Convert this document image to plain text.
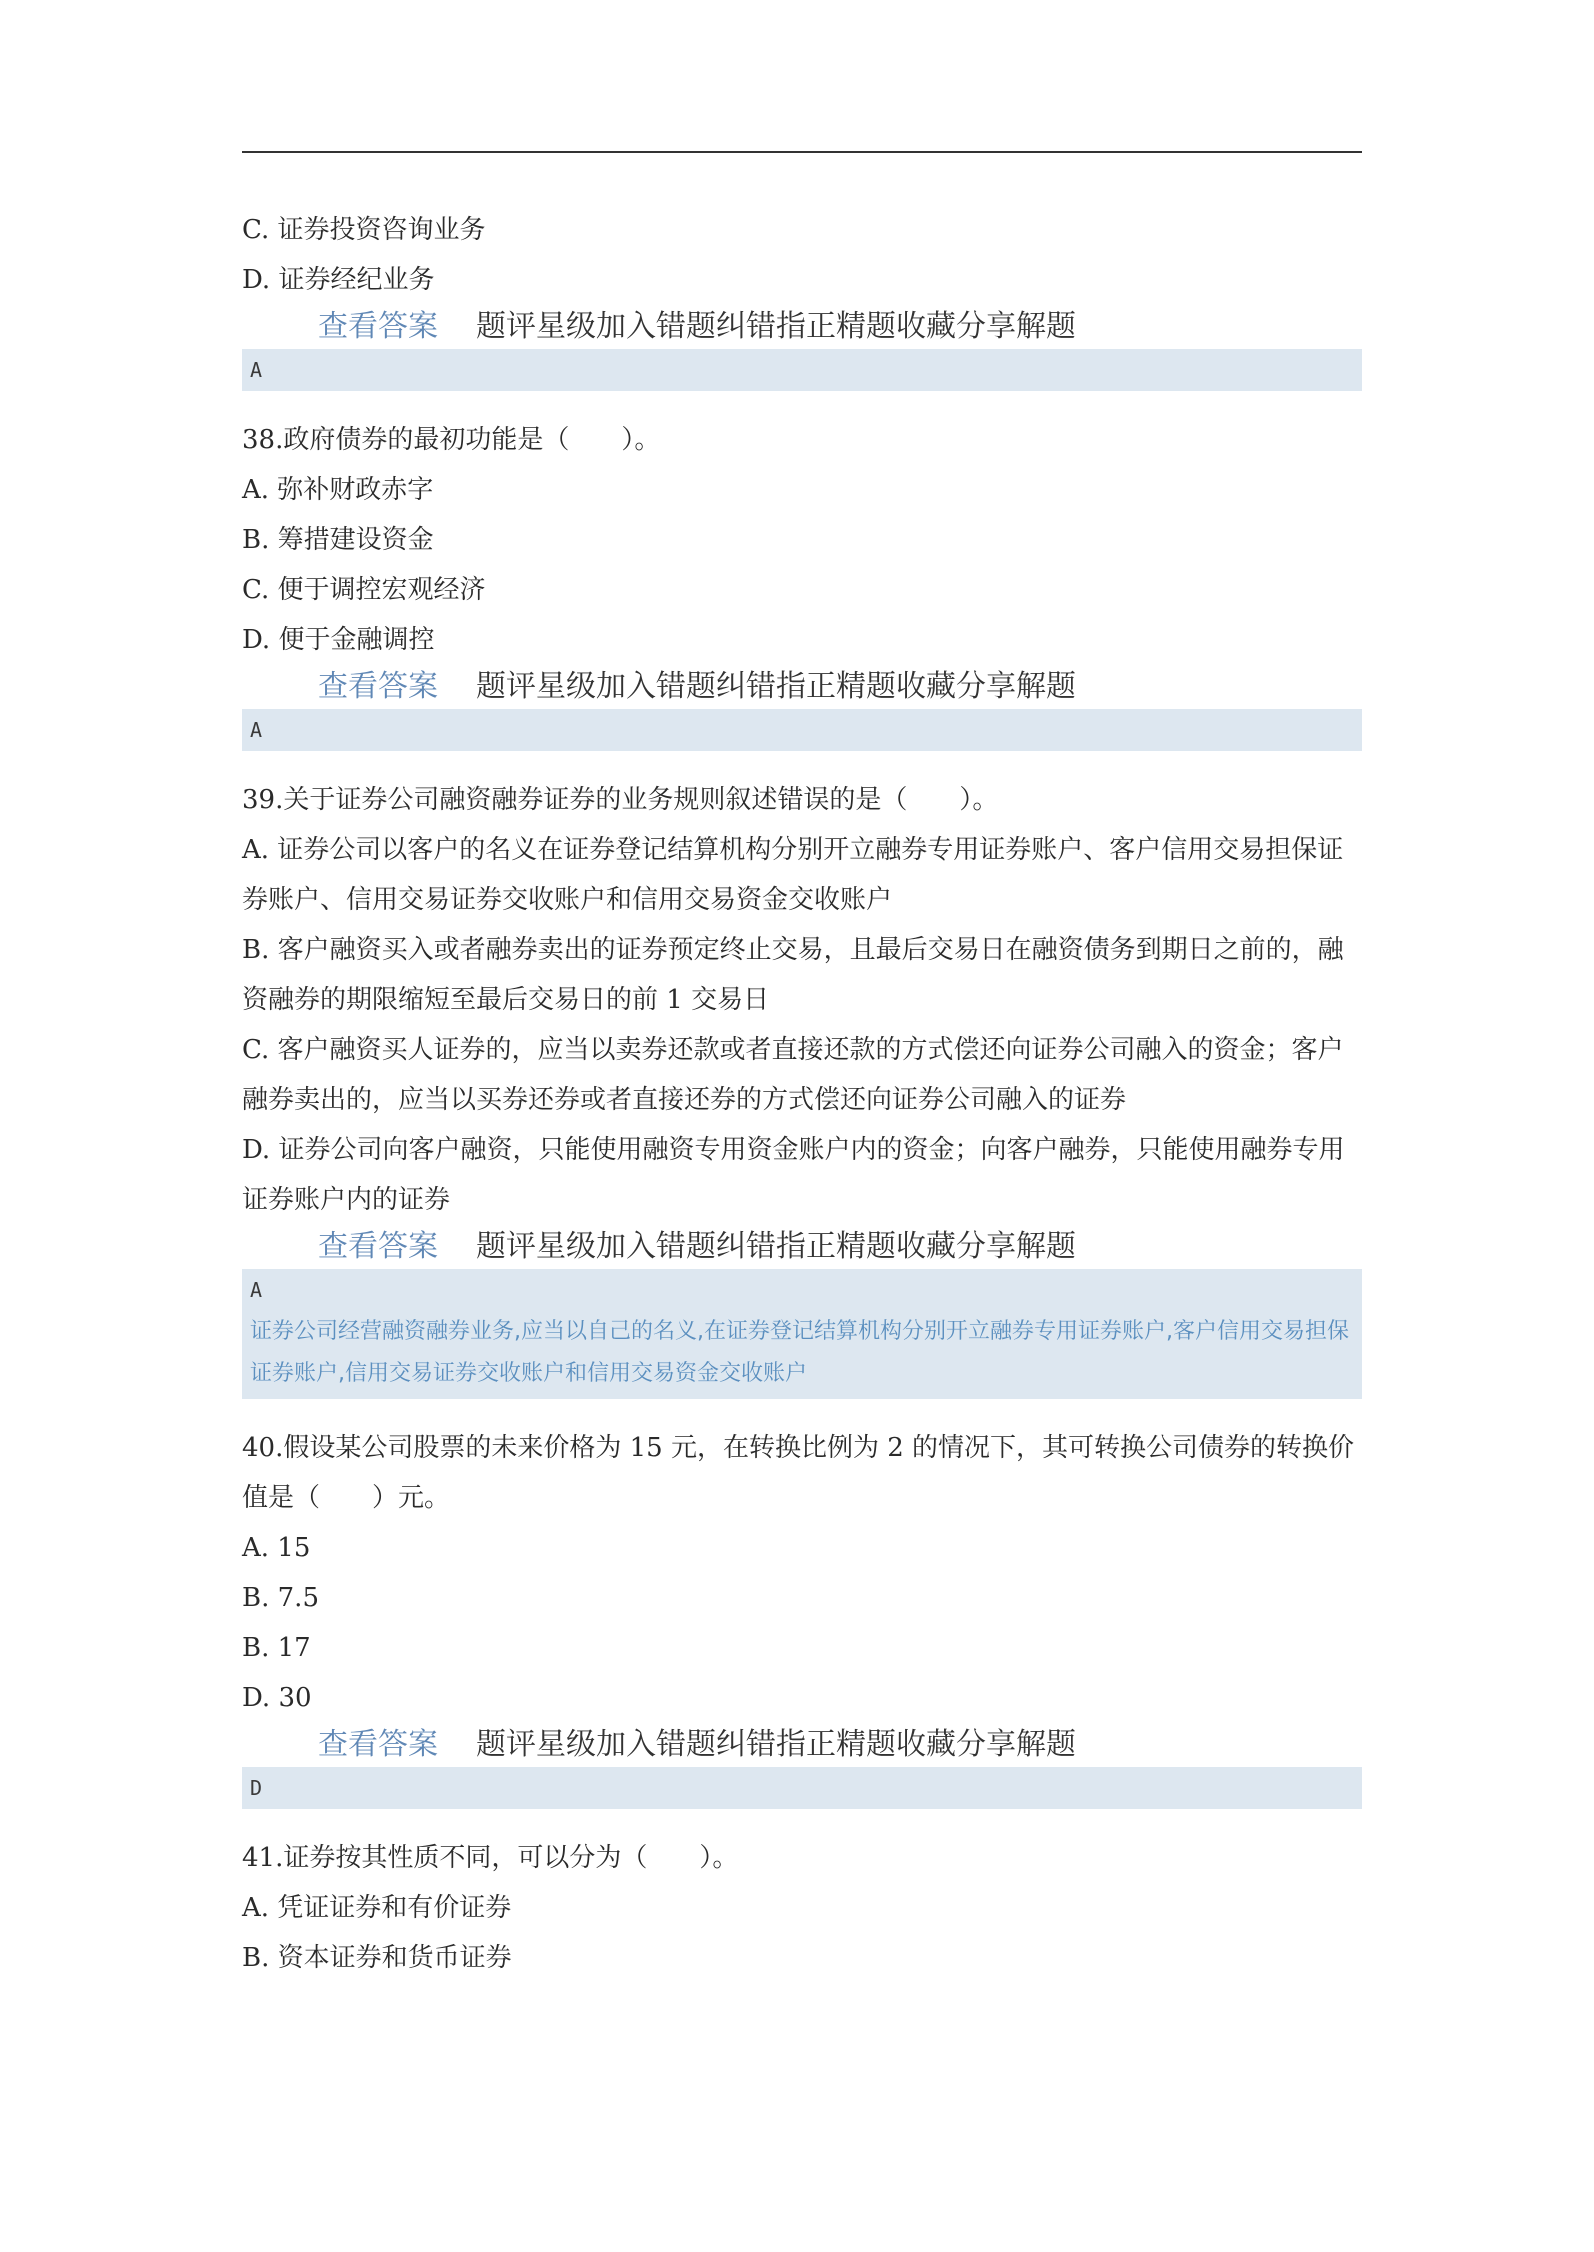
C. 证券投资咨询业务
D. 证券经纪业务
查看答案 题评星级加入错题纠错指正精题收藏分享解题
A
38.政府债券的最初功能是（　　）。
A. 弥补财政赤字
B. 筹措建设资金
C. 便于调控宏观经济
D. 便于金融调控
查看答案 题评星级加入错题纠错指正精题收藏分享解题
A
39.关于证券公司融资融券证券的业务规则叙述错误的是（　　）。
A. 证券公司以客户的名义在证券登记结算机构分别开立融券专用证券账户、客户信用交易担保证券账户、信用交易证券交收账户和信用交易资金交收账户
B. 客户融资买入或者融券卖出的证券预定终止交易，且最后交易日在融资债务到期日之前的，融资融券的期限缩短至最后交易日的前 1 交易日
C. 客户融资买人证券的，应当以卖券还款或者直接还款的方式偿还向证券公司融入的资金；客户融券卖出的，应当以买券还券或者直接还券的方式偿还向证券公司融入的证券
D. 证券公司向客户融资，只能使用融资专用资金账户内的资金；向客户融券，只能使用融券专用证券账户内的证券
查看答案 题评星级加入错题纠错指正精题收藏分享解题
A
证券公司经营融资融券业务,应当以自己的名义,在证券登记结算机构分别开立融券专用证券账户,客户信用交易担保证券账户,信用交易证券交收账户和信用交易资金交收账户
40.假设某公司股票的未来价格为 15 元，在转换比例为 2 的情况下，其可转换公司债券的转换价值是（　　）元。
A. 15
B. 7.5
B. 17
D. 30
查看答案 题评星级加入错题纠错指正精题收藏分享解题
D
41.证券按其性质不同，可以分为（　　）。
A. 凭证证券和有价证券
B. 资本证券和货币证券
